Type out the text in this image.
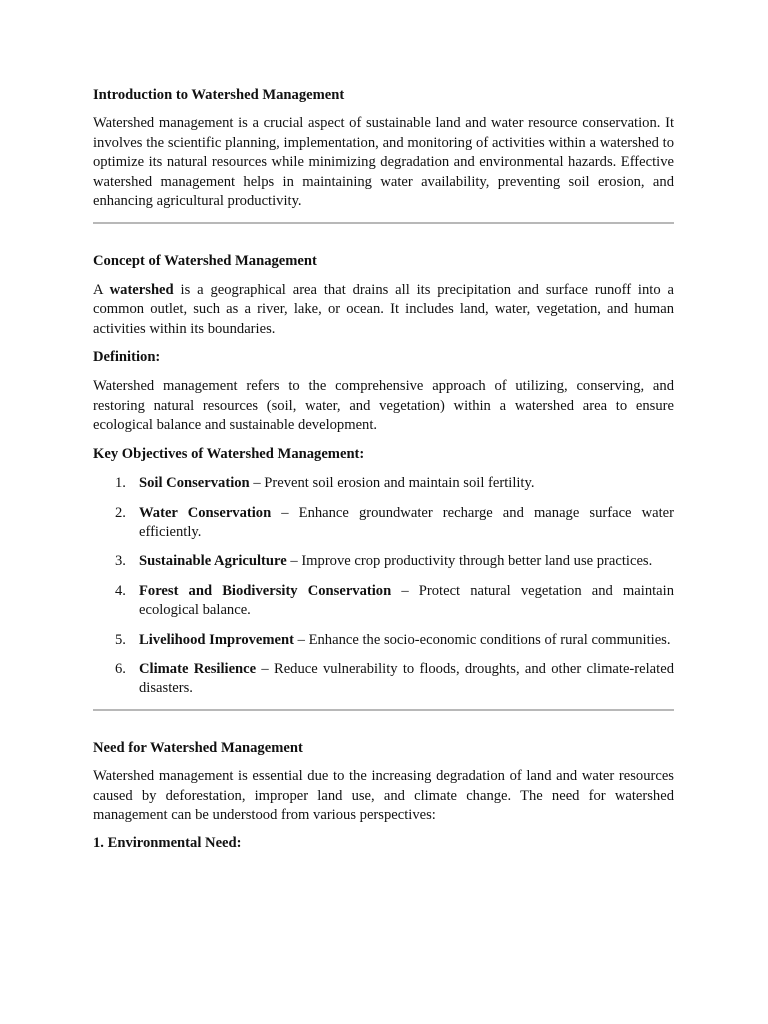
Introduction to Watershed Management

Watershed management is a crucial aspect of sustainable land and water resource conservation. It involves the scientific planning, implementation, and monitoring of activities within a watershed to optimize its natural resources while minimizing degradation and environmental hazards. Effective watershed management helps in maintaining water availability, preventing soil erosion, and enhancing agricultural productivity.

Concept of Watershed Management

A watershed is a geographical area that drains all its precipitation and surface runoff into a common outlet, such as a river, lake, or ocean. It includes land, water, vegetation, and human activities within its boundaries.

Definition:

Watershed management refers to the comprehensive approach of utilizing, conserving, and restoring natural resources (soil, water, and vegetation) within a watershed area to ensure ecological balance and sustainable development.

Key Objectives of Watershed Management:
1. Soil Conservation – Prevent soil erosion and maintain soil fertility.
2. Water Conservation – Enhance groundwater recharge and manage surface water efficiently.
3. Sustainable Agriculture – Improve crop productivity through better land use practices.
4. Forest and Biodiversity Conservation – Protect natural vegetation and maintain ecological balance.
5. Livelihood Improvement – Enhance the socio-economic conditions of rural communities.
6. Climate Resilience – Reduce vulnerability to floods, droughts, and other climate-related disasters.
Need for Watershed Management

Watershed management is essential due to the increasing degradation of land and water resources caused by deforestation, improper land use, and climate change. The need for watershed management can be understood from various perspectives:

1. Environmental Need:
